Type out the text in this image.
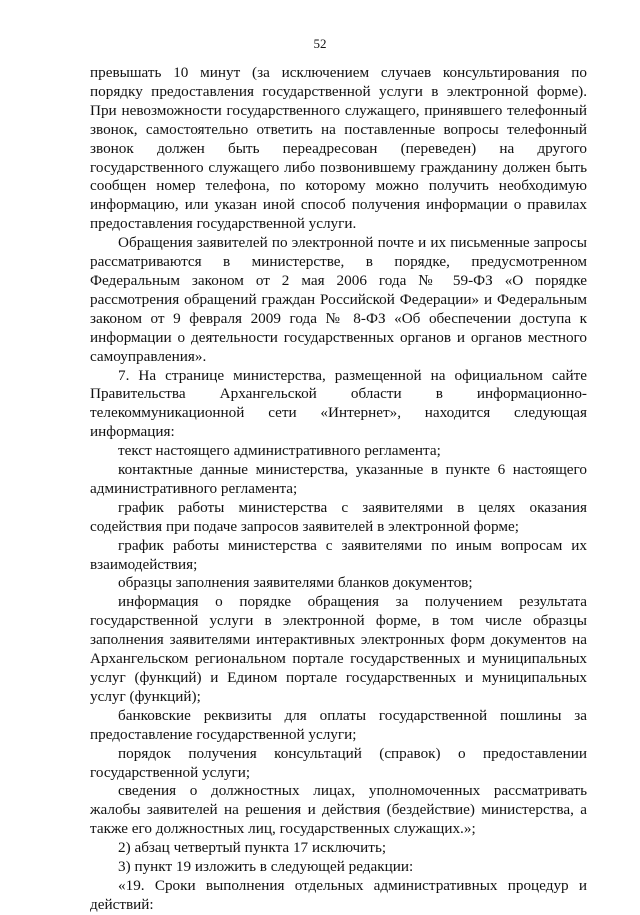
52

превышать 10 минут (за исключением случаев консультирования по порядку предоставления государственной услуги в электронной форме). При невозможности государственного служащего, принявшего телефонный звонок, самостоятельно ответить на поставленные вопросы телефонный звонок должен быть переадресован (переведен) на другого государственного служащего либо позвонившему гражданину должен быть сообщен номер телефона, по которому можно получить необходимую информацию, или указан иной способ получения информации о правилах предоставления государственной услуги.

Обращения заявителей по электронной почте и их письменные запросы рассматриваются в министерстве, в порядке, предусмотренном Федеральным законом от 2 мая 2006 года № 59-ФЗ «О порядке рассмотрения обращений граждан Российской Федерации» и Федеральным законом от 9 февраля 2009 года № 8-ФЗ «Об обеспечении доступа к информации о деятельности государственных органов и органов местного самоуправления».

7. На странице министерства, размещенной на официальном сайте Правительства Архангельской области в информационно-телекоммуникационной сети «Интернет», находится следующая информация:

текст настоящего административного регламента;

контактные данные министерства, указанные в пункте 6 настоящего административного регламента;

график работы министерства с заявителями в целях оказания содействия при подаче запросов заявителей в электронной форме;

график работы министерства с заявителями по иным вопросам их взаимодействия;

образцы заполнения заявителями бланков документов;

информация о порядке обращения за получением результата государственной услуги в электронной форме, в том числе образцы заполнения заявителями интерактивных электронных форм документов на Архангельском региональном портале государственных и муниципальных услуг (функций) и Едином портале государственных и муниципальных услуг (функций);

банковские реквизиты для оплаты государственной пошлины за предоставление государственной услуги;

порядок получения консультаций (справок) о предоставлении государственной услуги;

сведения о должностных лицах, уполномоченных рассматривать жалобы заявителей на решения и действия (бездействие) министерства, а также его должностных лиц, государственных служащих.»;

2) абзац четвертый пункта 17 исключить;

3) пункт 19 изложить в следующей редакции:

«19. Сроки выполнения отдельных административных процедур и действий:
